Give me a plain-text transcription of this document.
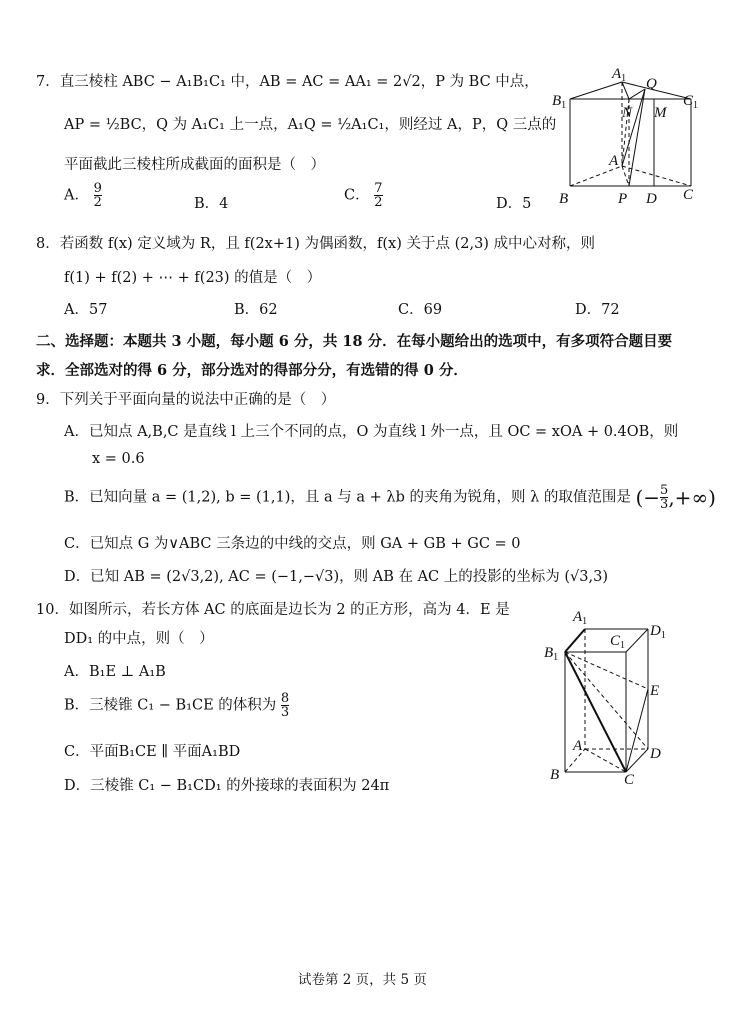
7．直三棱柱 ABC − A₁B₁C₁ 中，AB = AC = AA₁ = 2√2，P 为 BC 中点，
AP = ½BC，Q 为 A₁C₁ 上一点，A₁Q = ½A₁C₁，则经过 A，P，Q 三点的
平面截此三棱柱所成截面的面积是（　）
A． $\frac{9}{2}$	B．4
C． $\frac{7}{2}$	D．5
$A_1$ Q
$B_1$	$C_1$
N M
A
B	P D C
8．若函数 f(x) 定义域为 R，且 f(2x+1) 为偶函数，f(x) 关于点 (2,3) 成中心对称，则
f(1) + f(2) + ⋯ + f(23) 的值是（　）
A．57	B．62	C．69	D．72
二、选择题：本题共 3 小题，每小题 6 分，共 18 分．在每小题给出的选项中，有多项符合题目要
求．全部选对的得 6 分，部分选对的得部分分，有选错的得 0 分．
9．下列关于平面向量的说法中正确的是（　）
A．已知点 A,B,C 是直线 l 上三个不同的点，O 为直线 l 外一点，且 OC = xOA + 0.4OB，则
x = 0.6
B．已知向量 a = (1,2), b = (1,1)，且 a 与 a + λb 的夹角为锐角，则 λ 的取值范围是 (− $\frac{5}{3}$ ,+∞)
C．已知点 G 为∨ABC 三条边的中线的交点，则 GA + GB + GC = 0
D．已知 AB = (2√3,2), AC = (−1,−√3)，则 AB 在 AC 上的投影的坐标为 (√3,3)
10．如图所示，若长方体 AC 的底面是边长为 2 的正方形，高为 4．E 是
DD₁ 的中点，则（　）
A．B₁E ⊥ A₁B
B．三棱锥 C₁ − B₁CE 的体积为 $\frac{8}{3}$
C．平面B₁CE ∥ 平面A₁BD
D．三棱锥 C₁ − B₁CD₁ 的外接球的表面积为 24π
$A_1$
$C_1$
$D_1$
$B_1$
E
A	D
B	C
试卷第 2 页，共 5 页
